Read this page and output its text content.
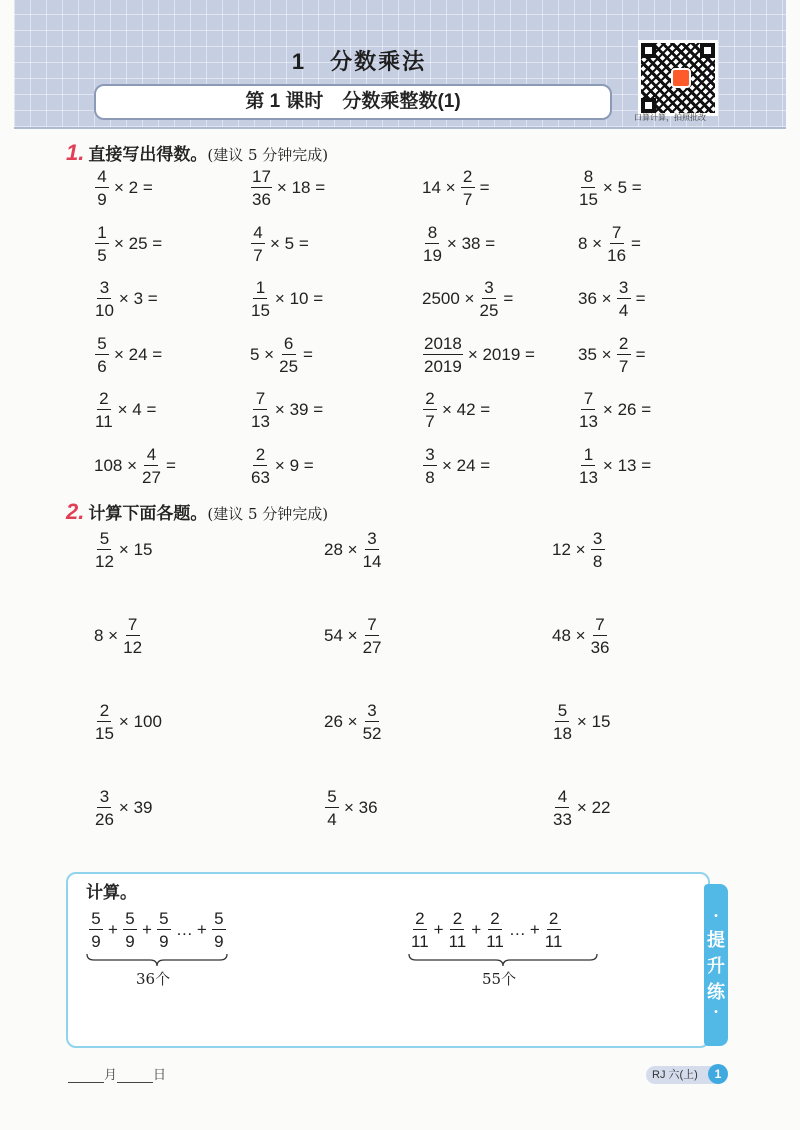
1　分数乘法
第 1 课时　分数乘整数(1)
口算计算，拍照批改
1. 直接写出得数。(建议 5 分钟完成)
$\frac{4}{9} \times 2$ =	$\frac{17}{36} \times 18$ =	$14 \times \frac{2}{7}$ =	$\frac{8}{15} \times 5$ =
$\frac{1}{5} \times 25$ =	$\frac{4}{7} \times 5$ =	$\frac{8}{19} \times 38$ =	$8 \times \frac{7}{16}$ =
$\frac{3}{10} \times 3$ =	$\frac{1}{15} \times 10$ =	$2500 \times \frac{3}{25}$ =	$36 \times \frac{3}{4}$ =
$\frac{5}{6} \times 24$ =	$5 \times \frac{6}{25}$ =	$\frac{2018}{2019} \times 2019$ =	$35 \times \frac{2}{7}$ =
$\frac{2}{11} \times 4$ =	$\frac{7}{13} \times 39$ =	$\frac{2}{7} \times 42$ =	$\frac{7}{13} \times 26$ =
$108 \times \frac{4}{27}$ =	$\frac{2}{63} \times 9$ =	$\frac{3}{8} \times 24$ =	$\frac{1}{13} \times 13$ =
2. 计算下面各题。(建议 5 分钟完成)
$\frac{5}{12} \times 15$	$28 \times \frac{3}{14}$	$12 \times \frac{3}{8}$
$8 \times \frac{7}{12}$	$54 \times \frac{7}{27}$	$48 \times \frac{7}{36}$
$\frac{2}{15} \times 100$	$26 \times \frac{3}{52}$	$\frac{5}{18} \times 15$
$\frac{3}{26} \times 39$	$\frac{5}{4} \times 36$	$\frac{4}{33} \times 22$
计算。
•
提
升
练
•
$\frac{5}{9} + \frac{5}{9} + \frac{5}{9}$ … + $\frac{5}{9}$
36个
$\frac{2}{11} + \frac{2}{11} + \frac{2}{11}$ … + $\frac{2}{11}$
55个
月	日	RJ 六(上)	1
